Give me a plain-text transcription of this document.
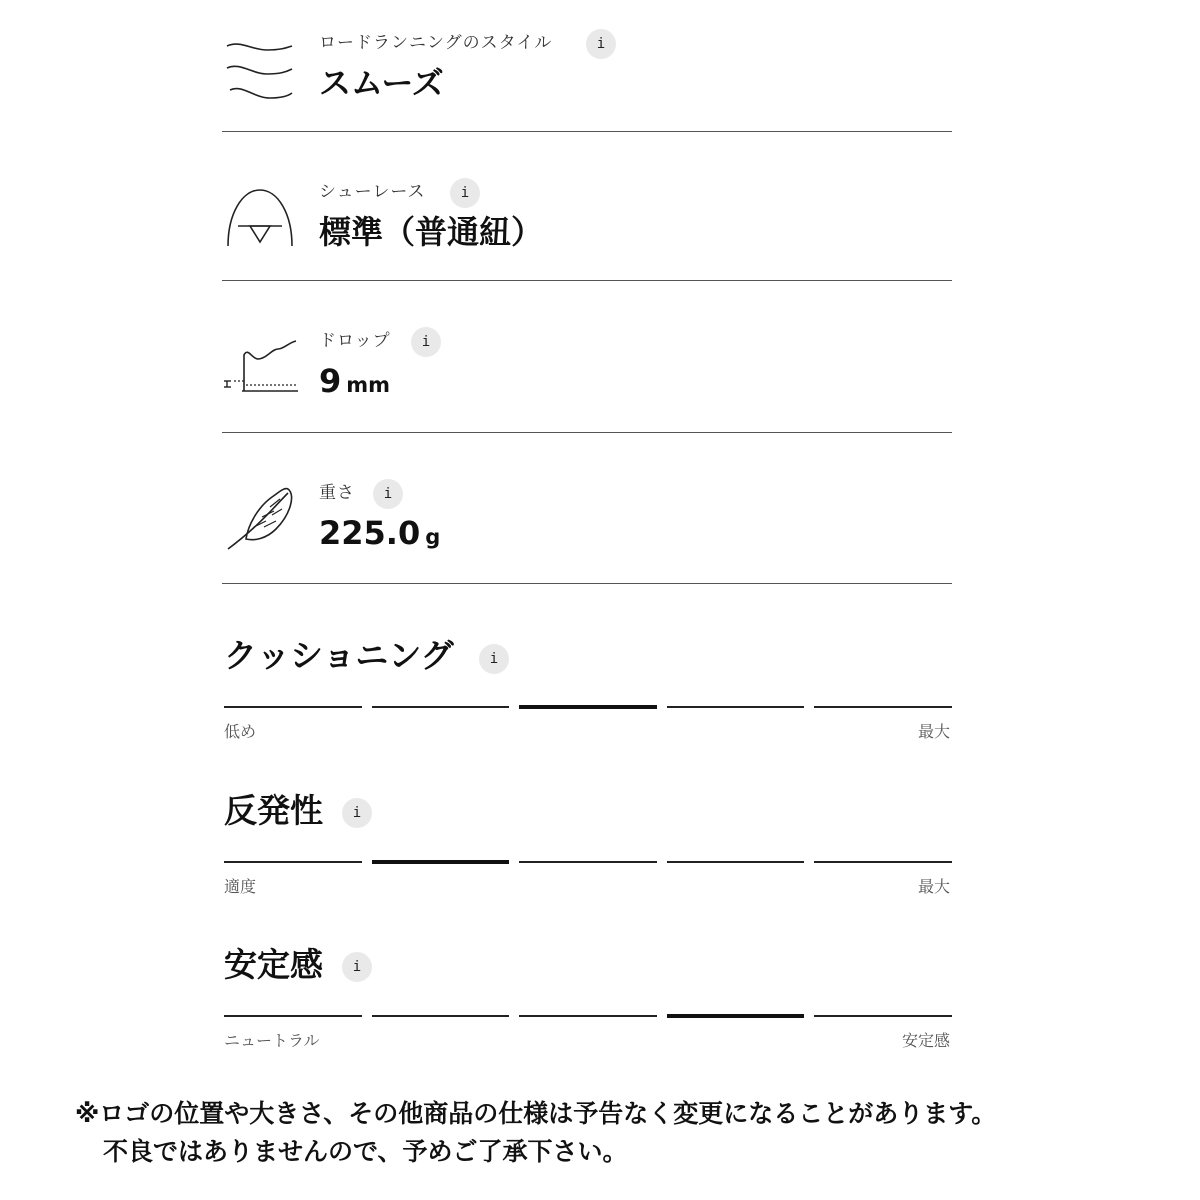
ロードランニングのスタイル	i
スムーズ
シューレース	i
標準（普通紐）
ドロップ	i
9 mm
重さ	i
225.0 g
クッショニング	i
低め	最大
反発性	i
適度	最大
安定感	i
ニュートラル	安定感
※ロゴの位置や大きさ、その他商品の仕様は予告なく変更になることがあります。
不良ではありませんので、予めご了承下さい。
